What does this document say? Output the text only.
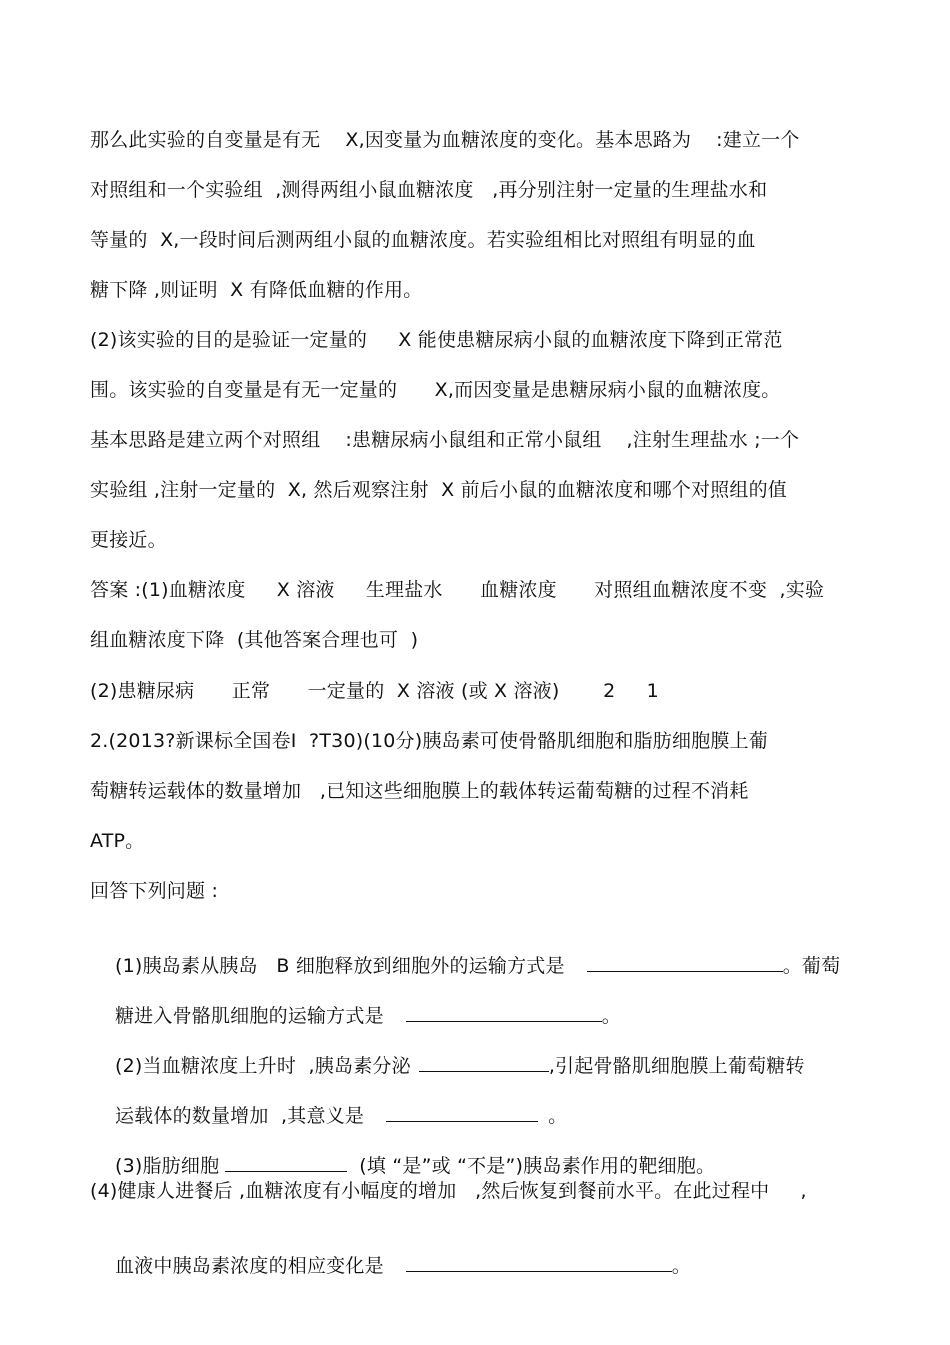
那么此实验的自变量是有无    X,因变量为血糖浓度的变化。基本思路为    :建立一个
对照组和一个实验组  ,测得两组小鼠血糖浓度   ,再分别注射一定量的生理盐水和
等量的  X,一段时间后测两组小鼠的血糖浓度。若实验组相比对照组有明显的血
糖下降 ,则证明  X 有降低血糖的作用。
(2)该实验的目的是验证一定量的     X 能使患糖尿病小鼠的血糖浓度下降到正常范
围。该实验的自变量是有无一定量的      X,而因变量是患糖尿病小鼠的血糖浓度。
基本思路是建立两个对照组    :患糖尿病小鼠组和正常小鼠组    ,注射生理盐水 ;一个
实验组 ,注射一定量的  X, 然后观察注射  X 前后小鼠的血糖浓度和哪个对照组的值
更接近。
答案 :(1)血糖浓度     X 溶液     生理盐水      血糖浓度      对照组血糖浓度不变  ,实验
组血糖浓度下降  (其他答案合理也可  )
(2)患糖尿病      正常      一定量的  X 溶液 (或 X 溶液)       2     1
2.(2013?新课标全国卷Ⅰ  ?T30)(10分)胰岛素可使骨骼肌细胞和脂肪细胞膜上葡
萄糖转运载体的数量增加   ,已知这些细胞膜上的载体转运葡萄糖的过程不消耗
ATP。
回答下列问题 :

(1)胰岛素从胰岛   B 细胞释放到细胞外的运输方式是	。葡萄

糖进入骨骼肌细胞的运输方式是	。

(2)当血糖浓度上升时  ,胰岛素分泌	,引起骨骼肌细胞膜上葡萄糖转

运载体的数量增加  ,其意义是	。

(3)脂肪细胞	(填 “是”或 “不是”)胰岛素作用的靶细胞。

(4)健康人进餐后 ,血糖浓度有小幅度的增加   ,然后恢复到餐前水平。在此过程中     ,

血液中胰岛素浓度的相应变化是	。
